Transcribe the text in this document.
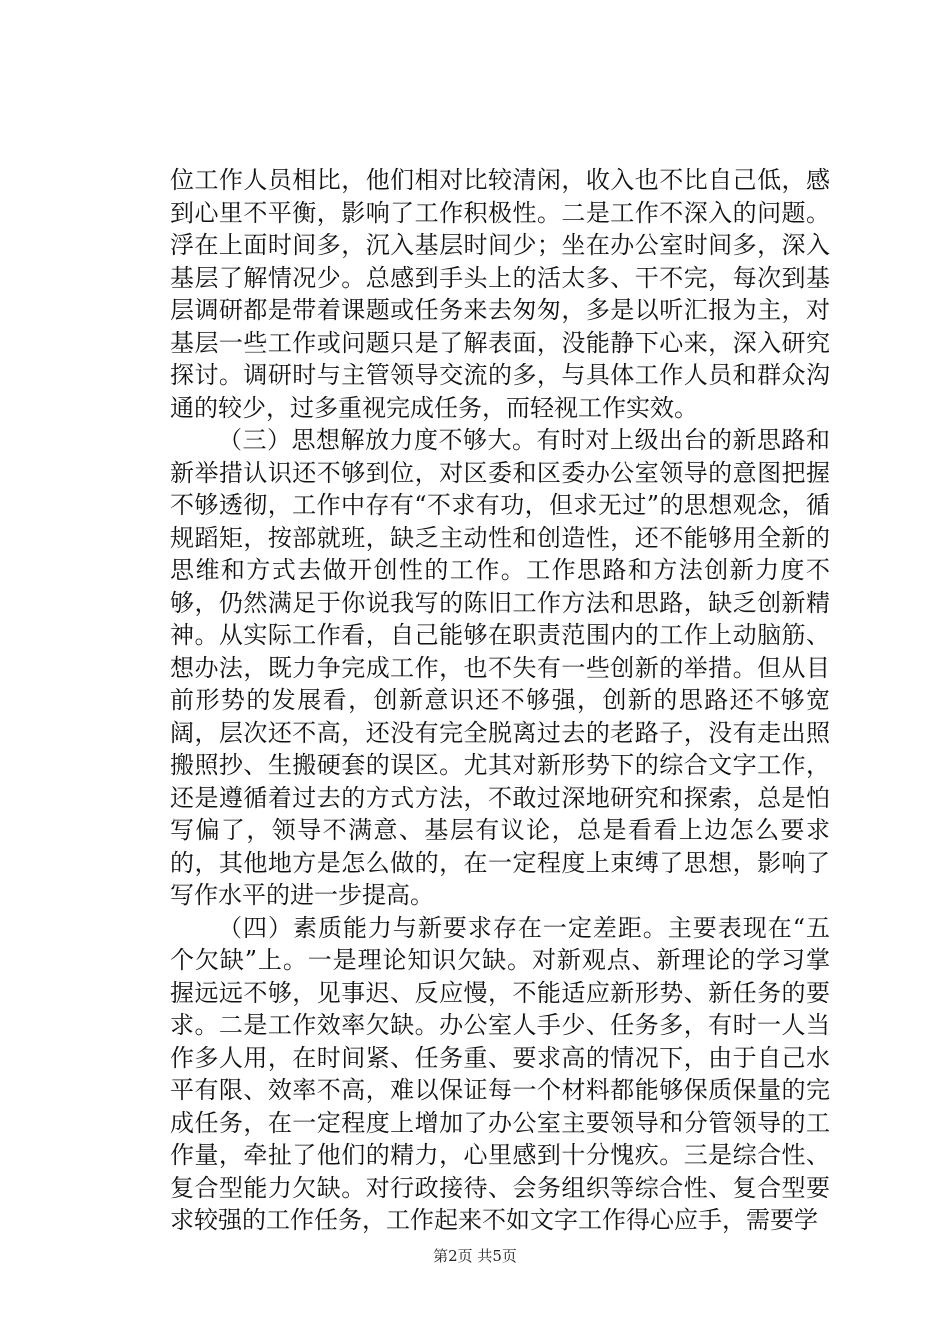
位工作人员相比，他们相对比较清闲，收入也不比自己低，感到心里不平衡，影响了工作积极性。二是工作不深入的问题。浮在上面时间多，沉入基层时间少；坐在办公室时间多，深入基层了解情况少。总感到手头上的活太多、干不完，每次到基层调研都是带着课题或任务来去匆匆，多是以听汇报为主，对基层一些工作或问题只是了解表面，没能静下心来，深入研究探讨。调研时与主管领导交流的多，与具体工作人员和群众沟通的较少，过多重视完成任务，而轻视工作实效。

（三）思想解放力度不够大。有时对上级出台的新思路和新举措认识还不够到位，对区委和区委办公室领导的意图把握不够透彻，工作中存有“不求有功，但求无过”的思想观念，循规蹈矩，按部就班，缺乏主动性和创造性，还不能够用全新的思维和方式去做开创性的工作。工作思路和方法创新力度不够，仍然满足于你说我写的陈旧工作方法和思路，缺乏创新精神。从实际工作看，自己能够在职责范围内的工作上动脑筋、想办法，既力争完成工作，也不失有一些创新的举措。但从目前形势的发展看，创新意识还不够强，创新的思路还不够宽阔，层次还不高，还没有完全脱离过去的老路子，没有走出照搬照抄、生搬硬套的误区。尤其对新形势下的综合文字工作，还是遵循着过去的方式方法，不敢过深地研究和探索，总是怕写偏了，领导不满意、基层有议论，总是看看上边怎么要求的，其他地方是怎么做的，在一定程度上束缚了思想，影响了写作水平的进一步提高。

（四）素质能力与新要求存在一定差距。主要表现在“五个欠缺”上。一是理论知识欠缺。对新观点、新理论的学习掌握远远不够，见事迟、反应慢，不能适应新形势、新任务的要求。二是工作效率欠缺。办公室人手少、任务多，有时一人当作多人用，在时间紧、任务重、要求高的情况下，由于自己水平有限、效率不高，难以保证每一个材料都能够保质保量的完成任务，在一定程度上增加了办公室主要领导和分管领导的工作量，牵扯了他们的精力，心里感到十分愧疚。三是综合性、复合型能力欠缺。对行政接待、会务组织等综合性、复合型要求较强的工作任务，工作起来不如文字工作得心应手，需要学

第2页 共5页
